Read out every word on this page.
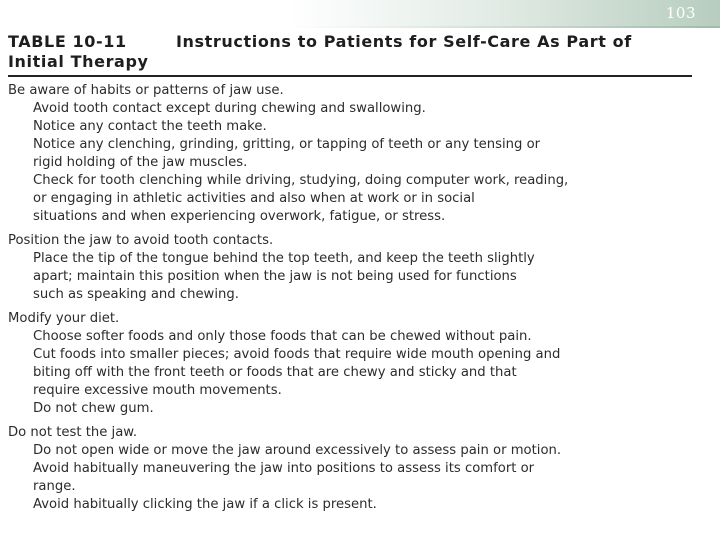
103
TABLE 10-11	Instructions to Patients for Self-Care As Part of
Initial Therapy
Be aware of habits or patterns of jaw use.
Avoid tooth contact except during chewing and swallowing.
Notice any contact the teeth make.
Notice any clenching, grinding, gritting, or tapping of teeth or any tensing or
rigid holding of the jaw muscles.
Check for tooth clenching while driving, studying, doing computer work, reading,
or engaging in athletic activities and also when at work or in social
situations and when experiencing overwork, fatigue, or stress.
Position the jaw to avoid tooth contacts.
Place the tip of the tongue behind the top teeth, and keep the teeth slightly
apart; maintain this position when the jaw is not being used for functions
such as speaking and chewing.
Modify your diet.
Choose softer foods and only those foods that can be chewed without pain.
Cut foods into smaller pieces; avoid foods that require wide mouth opening and
biting off with the front teeth or foods that are chewy and sticky and that
require excessive mouth movements.
Do not chew gum.
Do not test the jaw.
Do not open wide or move the jaw around excessively to assess pain or motion.
Avoid habitually maneuvering the jaw into positions to assess its comfort or
range.
Avoid habitually clicking the jaw if a click is present.
